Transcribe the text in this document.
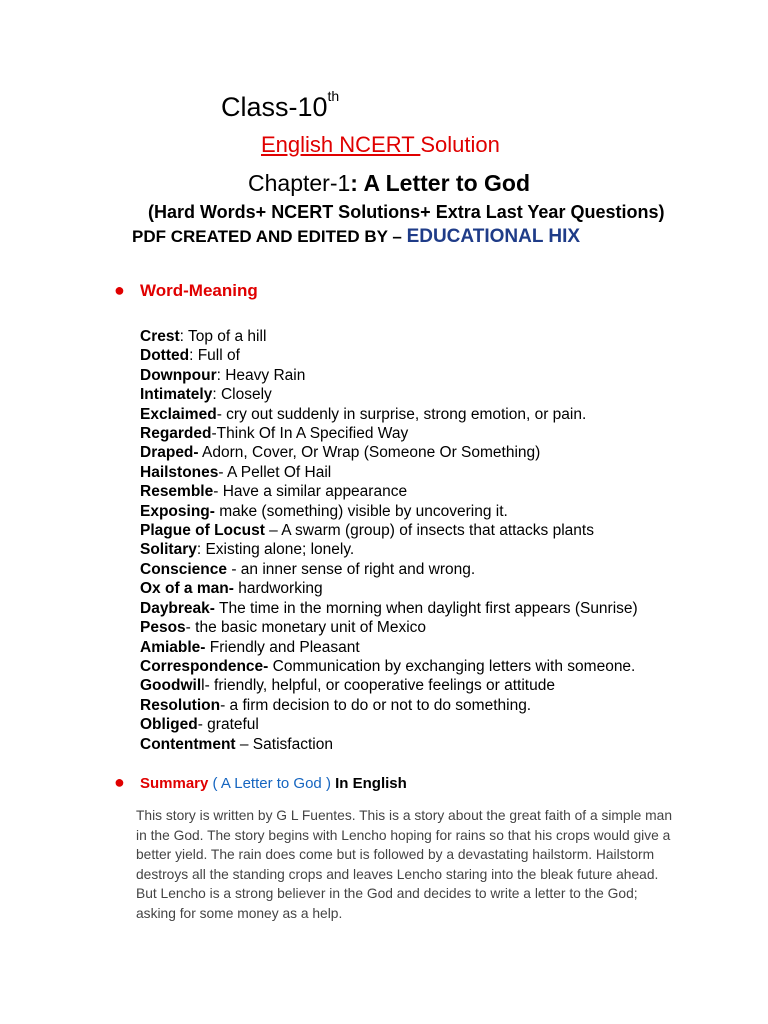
Class-10th
English NCERT Solution
Chapter-1: A Letter to God
(Hard Words+ NCERT Solutions+ Extra Last Year Questions)
PDF CREATED AND EDITED BY – EDUCATIONAL HIX
● Word-Meaning
Crest: Top of a hill
Dotted: Full of
Downpour: Heavy Rain
Intimately: Closely
Exclaimed- cry out suddenly in surprise, strong emotion, or pain.
Regarded-Think Of In A Specified Way
Draped- Adorn, Cover, Or Wrap (Someone Or Something)
Hailstones- A Pellet Of Hail
Resemble- Have a similar appearance
Exposing- make (something) visible by uncovering it.
Plague of Locust – A swarm (group) of insects that attacks plants
Solitary: Existing alone; lonely.
Conscience - an inner sense of right and wrong.
Ox of a man- hardworking
Daybreak- The time in the morning when daylight first appears (Sunrise)
Pesos- the basic monetary unit of Mexico
Amiable- Friendly and Pleasant
Correspondence- Communication by exchanging letters with someone.
Goodwill- friendly, helpful, or cooperative feelings or attitude
Resolution- a firm decision to do or not to do something.
Obliged- grateful
Contentment – Satisfaction
● Summary ( A Letter to God ) In English
This story is written by G L Fuentes. This is a story about the great faith of a simple man in the God. The story begins with Lencho hoping for rains so that his crops would give a better yield. The rain does come but is followed by a devastating hailstorm. Hailstorm destroys all the standing crops and leaves Lencho staring into the bleak future ahead. But Lencho is a strong believer in the God and decides to write a letter to the God; asking for some money as a help.
